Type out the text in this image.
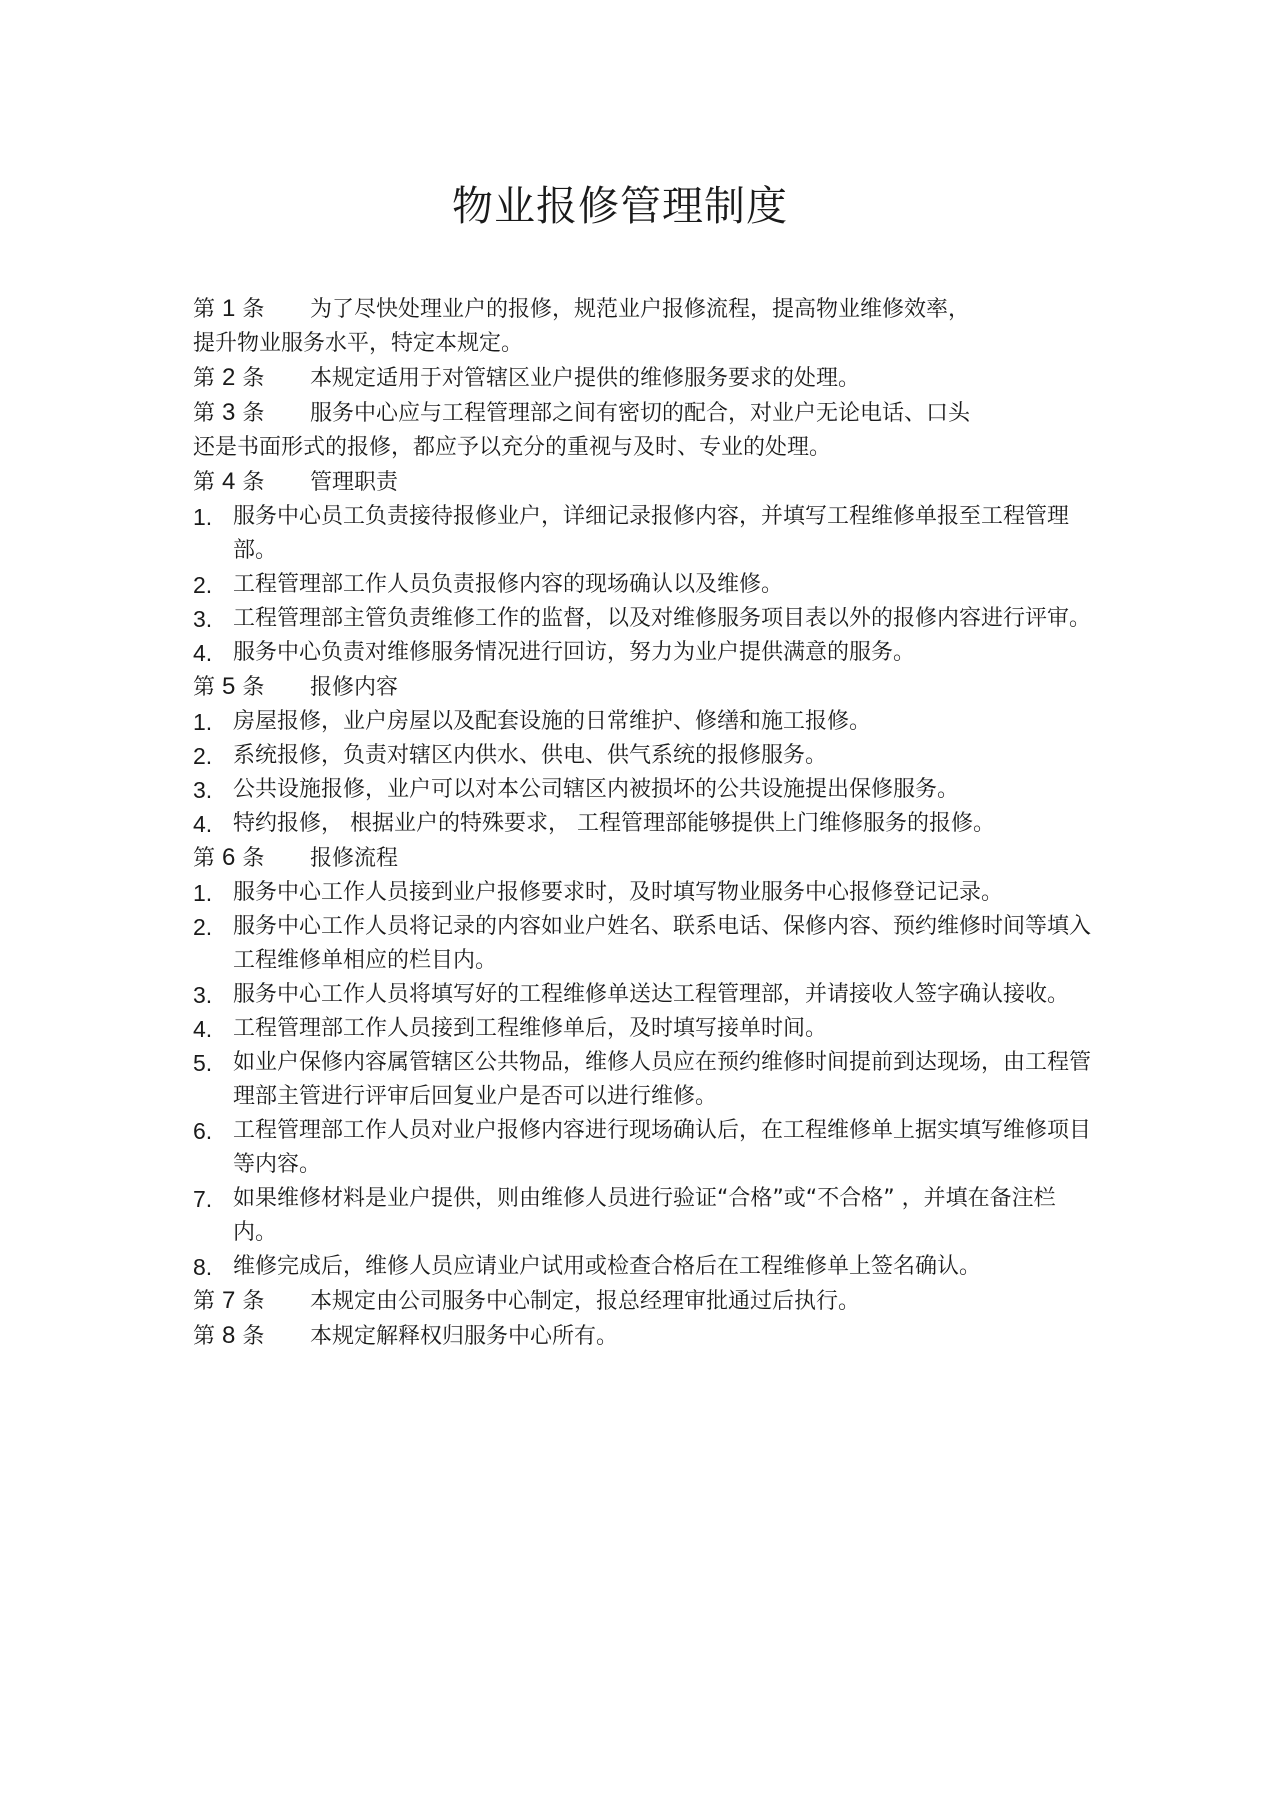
物业报修管理制度

第 1 条 为了尽快处理业户的报修，规范业户报修流程，提高物业维修效率，

提升物业服务水平，特定本规定。

第 2 条 本规定适用于对管辖区业户提供的维修服务要求的处理。

第 3 条 服务中心应与工程管理部之间有密切的配合，对业户无论电话、口头

还是书面形式的报修，都应予以充分的重视与及时、专业的处理。

第 4 条 管理职责

1. 服务中心员工负责接待报修业户，详细记录报修内容，并填写工程维修单报至工程管理部。
2. 工程管理部工作人员负责报修内容的现场确认以及维修。
3. 工程管理部主管负责维修工作的监督，以及对维修服务项目表以外的报修内容进行评审。
4. 服务中心负责对维修服务情况进行回访，努力为业户提供满意的服务。

第 5 条 报修内容

1. 房屋报修，业户房屋以及配套设施的日常维护、修缮和施工报修。
2. 系统报修，负责对辖区内供水、供电、供气系统的报修服务。
3. 公共设施报修，业户可以对本公司辖区内被损坏的公共设施提出保修服务。
4. 特约报修， 根据业户的特殊要求， 工程管理部能够提供上门维修服务的报修。

第 6 条 报修流程

1. 服务中心工作人员接到业户报修要求时，及时填写物业服务中心报修登记记录。
2. 服务中心工作人员将记录的内容如业户姓名、联系电话、保修内容、预约维修时间等填入工程维修单相应的栏目内。
3. 服务中心工作人员将填写好的工程维修单送达工程管理部，并请接收人签字确认接收。
4. 工程管理部工作人员接到工程维修单后，及时填写接单时间。
5. 如业户保修内容属管辖区公共物品，维修人员应在预约维修时间提前到达现场，由工程管理部主管进行评审后回复业户是否可以进行维修。
6. 工程管理部工作人员对业户报修内容进行现场确认后，在工程维修单上据实填写维修项目等内容。
7. 如果维修材料是业户提供，则由维修人员进行验证“合格”或“不合格” ，并填在备注栏内。
8. 维修完成后，维修人员应请业户试用或检查合格后在工程维修单上签名确认。

第 7 条 本规定由公司服务中心制定，报总经理审批通过后执行。

第 8 条 本规定解释权归服务中心所有。
